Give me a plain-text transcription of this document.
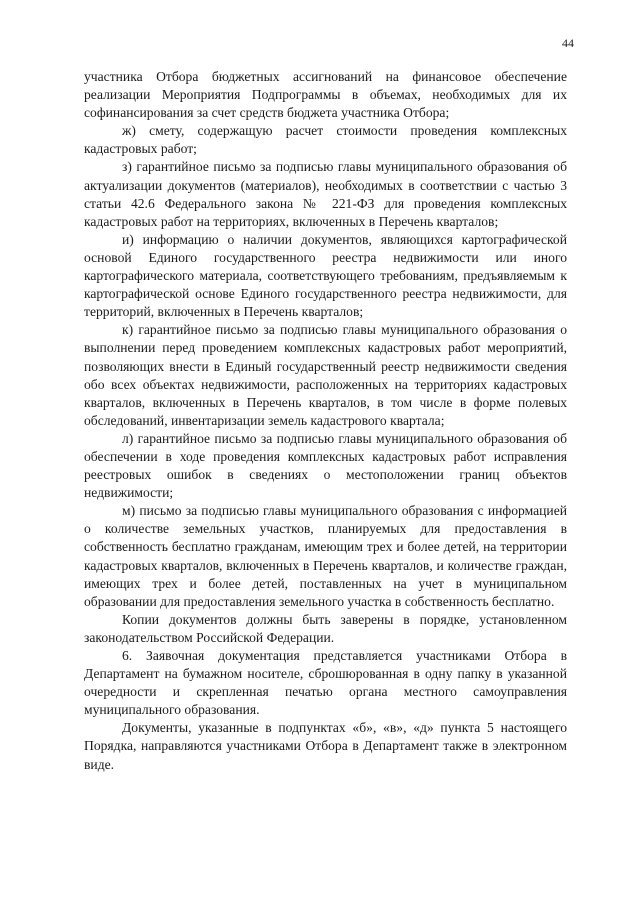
44

участника Отбора бюджетных ассигнований на финансовое обеспечение реализации Мероприятия Подпрограммы в объемах, необходимых для их софинансирования за счет средств бюджета участника Отбора;

ж) смету, содержащую расчет стоимости проведения комплексных кадастровых работ;

з) гарантийное письмо за подписью главы муниципального образования об актуализации документов (материалов), необходимых в соответствии с частью 3 статьи 42.6 Федерального закона № 221-ФЗ для проведения комплексных кадастровых работ на территориях, включенных в Перечень кварталов;

и) информацию о наличии документов, являющихся картографической основой Единого государственного реестра недвижимости или иного картографического материала, соответствующего требованиям, предъявляемым к картографической основе Единого государственного реестра недвижимости, для территорий, включенных в Перечень кварталов;

к) гарантийное письмо за подписью главы муниципального образования о выполнении перед проведением комплексных кадастровых работ мероприятий, позволяющих внести в Единый государственный реестр недвижимости сведения обо всех объектах недвижимости, расположенных на территориях кадастровых кварталов, включенных в Перечень кварталов, в том числе в форме полевых обследований, инвентаризации земель кадастрового квартала;

л) гарантийное письмо за подписью главы муниципального образования об обеспечении в ходе проведения комплексных кадастровых работ исправления реестровых ошибок в сведениях о местоположении границ объектов недвижимости;

м) письмо за подписью главы муниципального образования с информацией о количестве земельных участков, планируемых для предоставления в собственность бесплатно гражданам, имеющим трех и более детей, на территории кадастровых кварталов, включенных в Перечень кварталов, и количестве граждан, имеющих трех и более детей, поставленных на учет в муниципальном образовании для предоставления земельного участка в собственность бесплатно.

Копии документов должны быть заверены в порядке, установленном законодательством Российской Федерации.

6. Заявочная документация представляется участниками Отбора в Департамент на бумажном носителе, сброшюрованная в одну папку в указанной очередности и скрепленная печатью органа местного самоуправления муниципального образования.

Документы, указанные в подпунктах «б», «в», «д» пункта 5 настоящего Порядка, направляются участниками Отбора в Департамент также в электронном виде.
